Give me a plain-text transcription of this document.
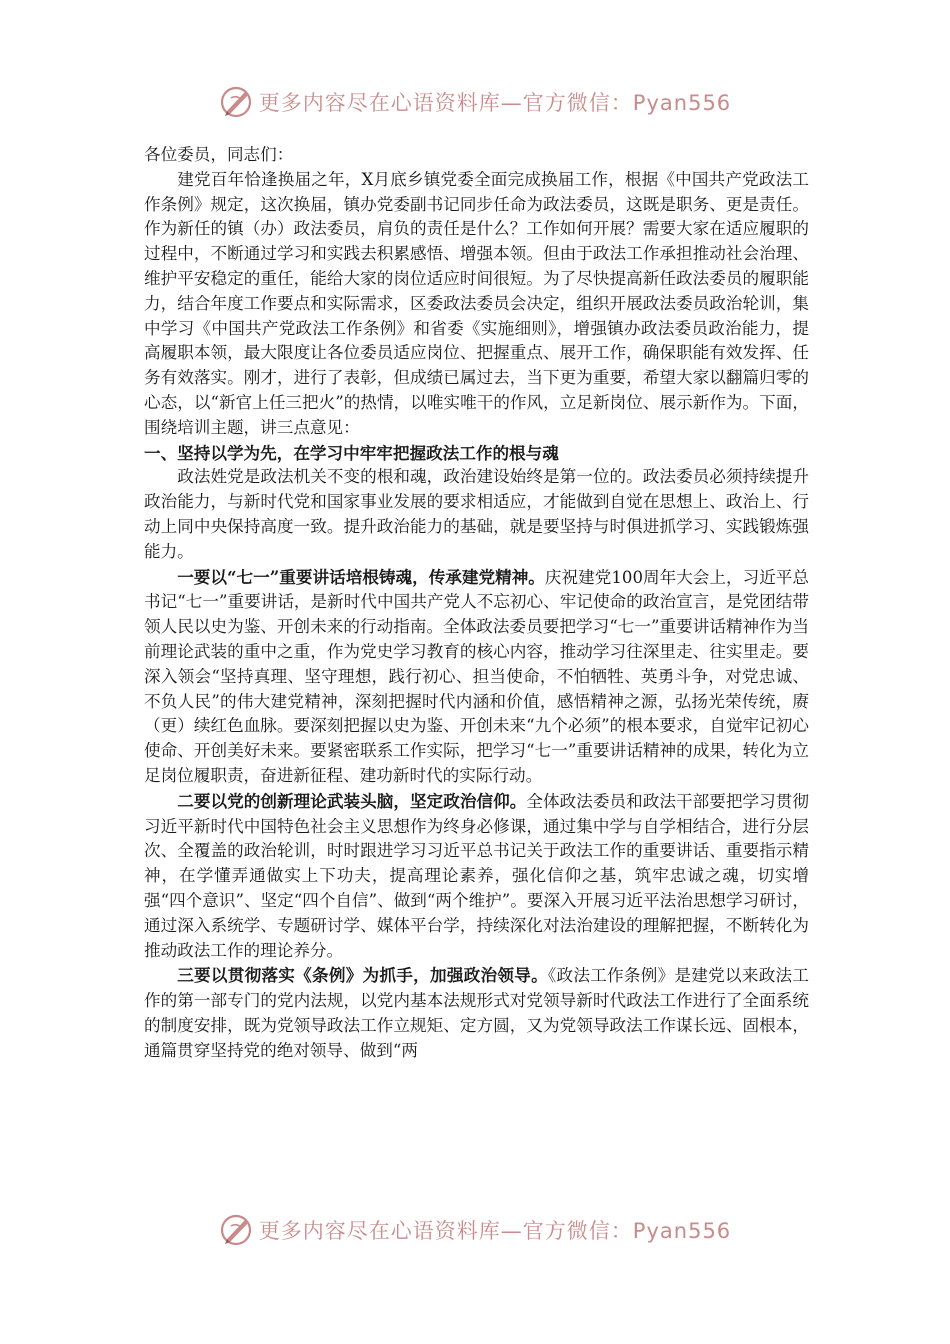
更多内容尽在心语资料库—官方微信：Pyan556

各位委员，同志们：

建党百年恰逢换届之年，X月底乡镇党委全面完成换届工作，根据《中国共产党政法工作条例》规定，这次换届，镇办党委副书记同步任命为政法委员，这既是职务、更是责任。作为新任的镇（办）政法委员，肩负的责任是什么？工作如何开展？需要大家在适应履职的过程中，不断通过学习和实践去积累感悟、增强本领。但由于政法工作承担推动社会治理、维护平安稳定的重任，能给大家的岗位适应时间很短。为了尽快提高新任政法委员的履职能力，结合年度工作要点和实际需求，区委政法委员会决定，组织开展政法委员政治轮训，集中学习《中国共产党政法工作条例》和省委《实施细则》，增强镇办政法委员政治能力，提高履职本领，最大限度让各位委员适应岗位、把握重点、展开工作，确保职能有效发挥、任务有效落实。刚才，进行了表彰，但成绩已属过去，当下更为重要，希望大家以翻篇归零的心态，以“新官上任三把火”的热情，以唯实唯干的作风，立足新岗位、展示新作为。下面，围绕培训主题，讲三点意见：

一、坚持以学为先，在学习中牢牢把握政法工作的根与魂

政法姓党是政法机关不变的根和魂，政治建设始终是第一位的。政法委员必须持续提升政治能力，与新时代党和国家事业发展的要求相适应，才能做到自觉在思想上、政治上、行动上同中央保持高度一致。提升政治能力的基础，就是要坚持与时俱进抓学习、实践锻炼强能力。

一要以“七一”重要讲话培根铸魂，传承建党精神。庆祝建党100周年大会上，习近平总书记“七一”重要讲话，是新时代中国共产党人不忘初心、牢记使命的政治宣言，是党团结带领人民以史为鉴、开创未来的行动指南。全体政法委员要把学习“七一”重要讲话精神作为当前理论武装的重中之重，作为党史学习教育的核心内容，推动学习往深里走、往实里走。要深入领会“坚持真理、坚守理想，践行初心、担当使命，不怕牺牲、英勇斗争，对党忠诚、不负人民”的伟大建党精神，深刻把握时代内涵和价值，感悟精神之源，弘扬光荣传统，赓（更）续红色血脉。要深刻把握以史为鉴、开创未来“九个必须”的根本要求，自觉牢记初心使命、开创美好未来。要紧密联系工作实际，把学习“七一”重要讲话精神的成果，转化为立足岗位履职责，奋进新征程、建功新时代的实际行动。

二要以党的创新理论武装头脑，坚定政治信仰。全体政法委员和政法干部要把学习贯彻习近平新时代中国特色社会主义思想作为终身必修课，通过集中学与自学相结合，进行分层次、全覆盖的政治轮训，时时跟进学习习近平总书记关于政法工作的重要讲话、重要指示精神，在学懂弄通做实上下功夫，提高理论素养，强化信仰之基，筑牢忠诚之魂，切实增强“四个意识”、坚定“四个自信”、做到“两个维护”。要深入开展习近平法治思想学习研讨，通过深入系统学、专题研讨学、媒体平台学，持续深化对法治建设的理解把握，不断转化为推动政法工作的理论养分。

三要以贯彻落实《条例》为抓手，加强政治领导。《政法工作条例》是建党以来政法工作的第一部专门的党内法规，以党内基本法规形式对党领导新时代政法工作进行了全面系统的制度安排，既为党领导政法工作立规矩、定方圆，又为党领导政法工作谋长远、固根本，通篇贯穿坚持党的绝对领导、做到“两

更多内容尽在心语资料库—官方微信：Pyan556
